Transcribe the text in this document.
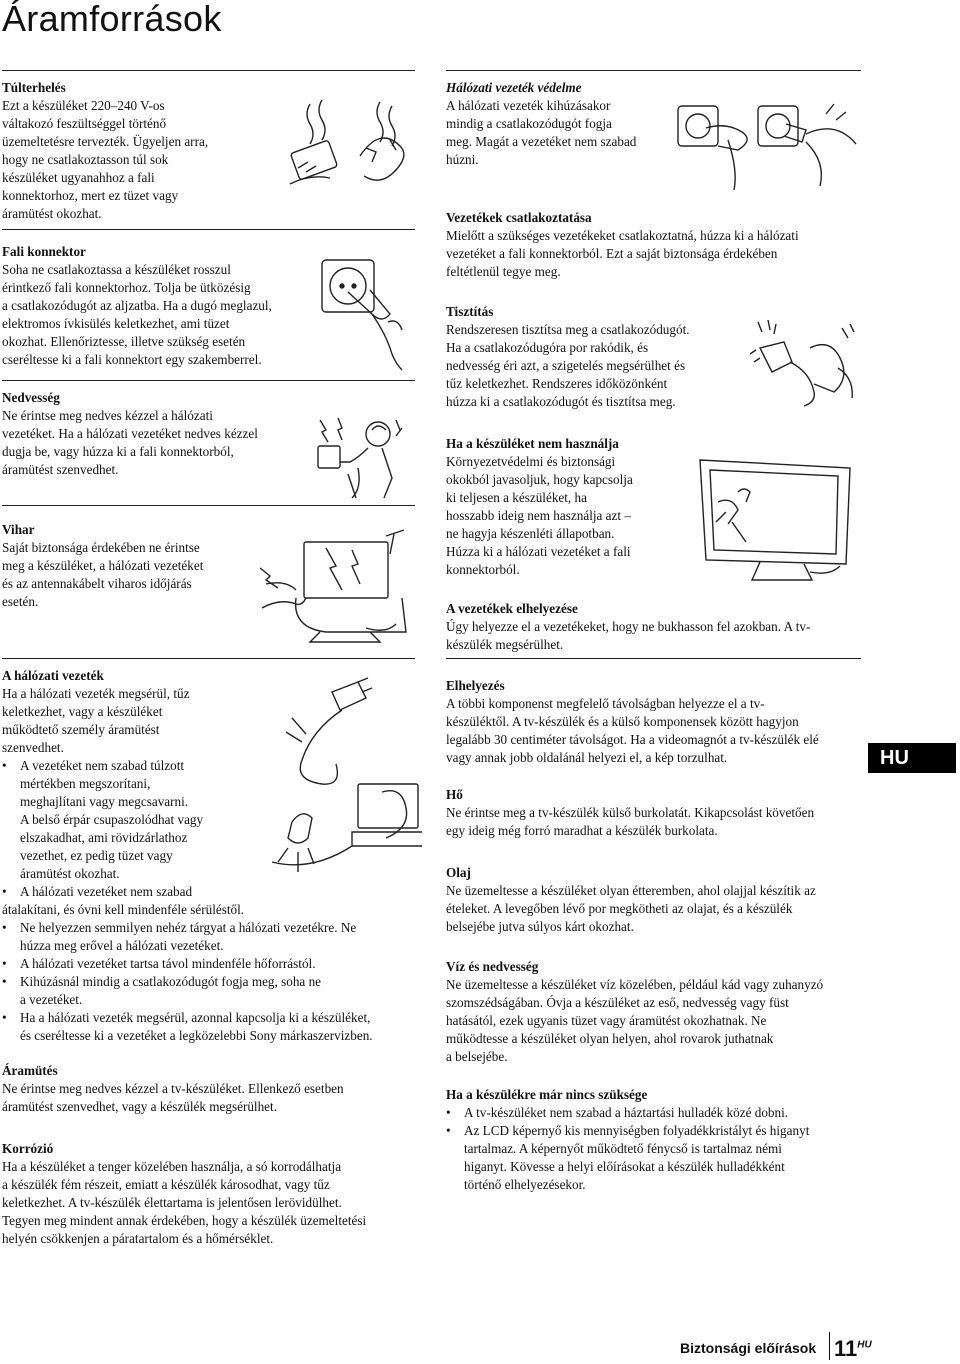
Áramforrások
Túlterhelés

Ezt a készüléket 220–240 V-os

váltakozó feszültséggel történő

üzemeltetésre tervezték. Ügyeljen arra,

hogy ne csatlakoztasson túl sok

készüléket ugyanahhoz a fali

konnektorhoz, mert ez tüzet vagy

áramütést okozhat.

Fali konnektor

Soha ne csatlakoztassa a készüléket rosszul

érintkező fali konnektorhoz. Tolja be ütközésig

a csatlakozódugót az aljzatba. Ha a dugó meglazul,

elektromos ívkisülés keletkezhet, ami tüzet

okozhat. Ellenőriztesse, illetve szükség esetén

cseréltesse ki a fali konnektort egy szakemberrel.

Nedvesség

Ne érintse meg nedves kézzel a hálózati

vezetéket. Ha a hálózati vezetéket nedves kézzel

dugja be, vagy húzza ki a fali konnektorból,

áramütést szenvedhet.

Vihar

Saját biztonsága érdekében ne érintse

meg a készüléket, a hálózati vezetéket

és az antennakábelt viharos időjárás

esetén.

A hálózati vezeték

Ha a hálózati vezeték megsérül, tűz

keletkezhet, vagy a készüléket

működtető személy áramütést

szenvedhet.

• A vezetéket nem szabad túlzott

mértékben megszorítani,

meghajlítani vagy megcsavarni.

A belső érpár csupaszolódhat vagy

elszakadhat, ami rövidzárlathoz

vezethet, ez pedig tüzet vagy

áramütést okozhat.

• A hálózati vezetéket nem szabad

átalakítani, és óvni kell mindenféle sérüléstől.

• Ne helyezzen semmilyen nehéz tárgyat a hálózati vezetékre. Ne

húzza meg erővel a hálózati vezetéket.

• A hálózati vezetéket tartsa távol mindenféle hőforrástól.

• Kihúzásnál mindig a csatlakozódugót fogja meg, soha ne

a vezetéket.

• Ha a hálózati vezeték megsérül, azonnal kapcsolja ki a készüléket,

és cseréltesse ki a vezetéket a legközelebbi Sony márkaszervizben.

Áramütés

Ne érintse meg nedves kézzel a tv-készüléket. Ellenkező esetben

áramütést szenvedhet, vagy a készülék megsérülhet.

Korrózió

Ha a készüléket a tenger közelében használja, a só korrodálhatja

a készülék fém részeit, emiatt a készülék károsodhat, vagy tűz

keletkezhet. A tv-készülék élettartama is jelentősen lerövidülhet.

Tegyen meg mindent annak érdekében, hogy a készülék üzemeltetési

helyén csökkenjen a páratartalom és a hőmérséklet.

Hálózati vezeték védelme

A hálózati vezeték kihúzásakor

mindig a csatlakozódugót fogja

meg. Magát a vezetéket nem szabad

húzni.

Vezetékek csatlakoztatása

Mielőtt a szükséges vezetékeket csatlakoztatná, húzza ki a hálózati

vezetéket a fali konnektorból. Ezt a saját biztonsága érdekében

feltétlenül tegye meg.

Tisztítás

Rendszeresen tisztítsa meg a csatlakozódugót.

Ha a csatlakozódugóra por rakódik, és

nedvesség éri azt, a szigetelés megsérülhet és

tűz keletkezhet. Rendszeres időközönként

húzza ki a csatlakozódugót és tisztítsa meg.

Ha a készüléket nem használja

Környezetvédelmi és biztonsági

okokból javasoljuk, hogy kapcsolja

ki teljesen a készüléket, ha

hosszabb ideig nem használja azt –

ne hagyja készenléti állapotban.

Húzza ki a hálózati vezetéket a fali

konnektorból.

A vezetékek elhelyezése

Úgy helyezze el a vezetékeket, hogy ne bukhasson fel azokban. A tv-

készülék megsérülhet.

Elhelyezés

A többi komponenst megfelelő távolságban helyezze el a tv-

készüléktől. A tv-készülék és a külső komponensek között hagyjon

legalább 30 centiméter távolságot. Ha a videomagnót a tv-készülék elé

vagy annak jobb oldalánál helyezi el, a kép torzulhat.

Hő

Ne érintse meg a tv-készülék külső burkolatát. Kikapcsolást követően

egy ideig még forró maradhat a készülék burkolata.

Olaj

Ne üzemeltesse a készüléket olyan étteremben, ahol olajjal készítik az

ételeket. A levegőben lévő por megkötheti az olajat, és a készülék

belsejébe jutva súlyos kárt okozhat.

Víz és nedvesség

Ne üzemeltesse a készüléket víz közelében, például kád vagy zuhanyzó

szomszédságában. Óvja a készüléket az eső, nedvesség vagy füst

hatásától, ezek ugyanis tüzet vagy áramütést okozhatnak. Ne

működtesse a készüléket olyan helyen, ahol rovarok juthatnak

a belsejébe.

Ha a készülékre már nincs szüksége

• A tv-készüléket nem szabad a háztartási hulladék közé dobni.

• Az LCD képernyő kis mennyiségben folyadékkristályt és higanyt

tartalmaz. A képernyőt működtető fénycső is tartalmaz némi

higanyt. Kövesse a helyi előírásokat a készülék hulladékként

történő elhelyezésekor.

HU
Biztonsági előírások $11^{HU}$
